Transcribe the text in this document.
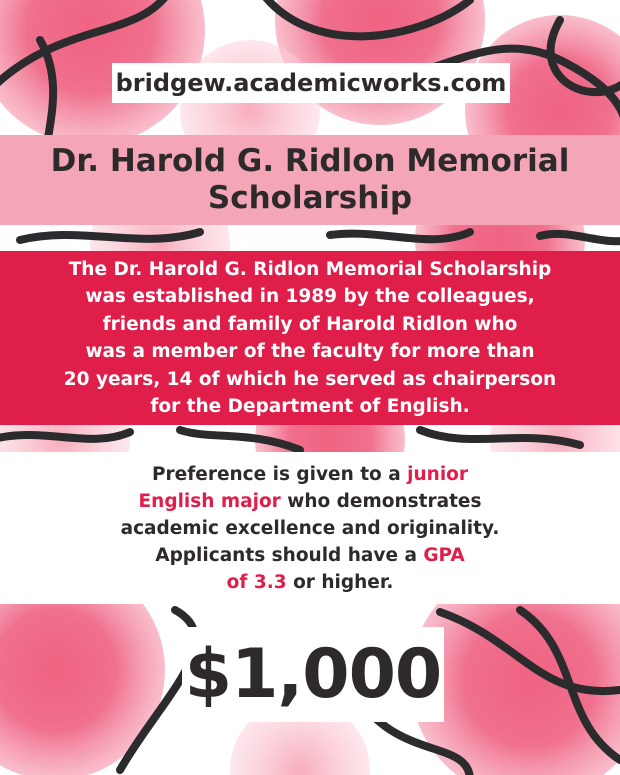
bridgew.academicworks.com
Dr. Harold G. Ridlon Memorial
Scholarship
The Dr. Harold G. Ridlon Memorial Scholarship
was established in 1989 by the colleagues,
friends and family of Harold Ridlon who
was a member of the faculty for more than
20 years, 14 of which he served as chairperson
for the Department of English.
Preference is given to a junior
English major who demonstrates
academic excellence and originality.
Applicants should have a GPA
of 3.3 or higher.
$1,000
